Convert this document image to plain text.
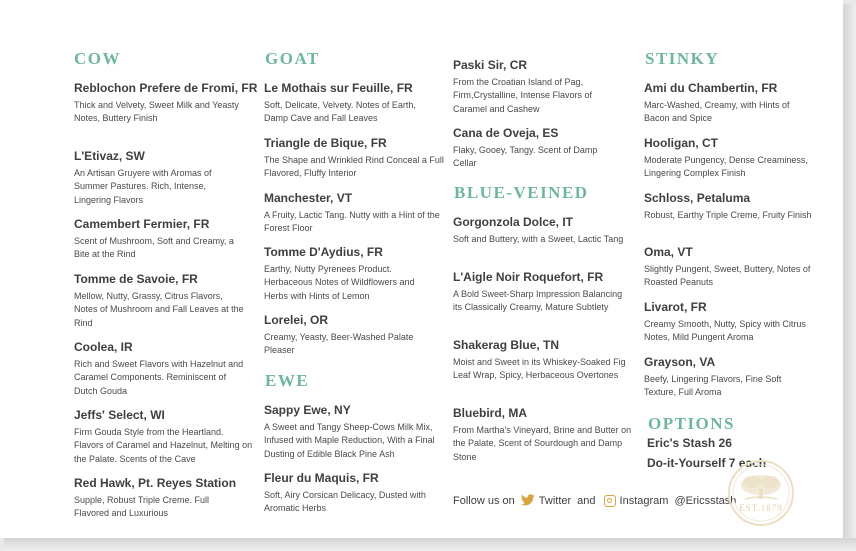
COW
Reblochon Prefere de Fromi, FR
Thick and Velvety, Sweet Milk and Yeasty Notes, Buttery Finish
L'Etivaz, SW
An Artisan Gruyere with Aromas of Summer Pastures. Rich, Intense, Lingering Flavors
Camembert Fermier, FR
Scent of Mushroom, Soft and Creamy, a Bite at the Rind
Tomme de Savoie, FR
Mellow, Nutty, Grassy, Citrus Flavors, Notes of Mushroom and Fall Leaves at the Rind
Coolea, IR
Rich and Sweet Flavors with Hazelnut and Caramel Components. Reminiscent of Dutch Gouda
Jeffs' Select, WI
Firm Gouda Style from the Heartland. Flavors of Caramel and Hazelnut, Melting on the Palate. Scents of the Cave
Red Hawk, Pt. Reyes Station
Supple, Robust Triple Creme. Full Flavored and Luxurious
GOAT
Le Mothais sur Feuille, FR
Soft, Delicate, Velvety. Notes of Earth, Damp Cave and Fall Leaves
Triangle de Bique, FR
The Shape and Wrinkled Rind Conceal a Full Flavored, Fluffy Interior
Manchester, VT
A Fruity, Lactic Tang. Nutty with a Hint of the Forest Floor
Tomme D'Aydius, FR
Earthy, Nutty Pyrenees Product. Herbaceous Notes of Wildflowers and Herbs with Hints of Lemon
Lorelei, OR
Creamy, Yeasty, Beer-Washed Palate Pleaser
EWE
Sappy Ewe, NY
A Sweet and Tangy Sheep-Cows Milk Mix, Infused with Maple Reduction, With a Final Dusting of Edible Black Pine Ash
Fleur du Maquis, FR
Soft, Airy Corsican Delicacy, Dusted with Aromatic Herbs
Paski Sir, CR
From the Croatian Island of Pag, Firm,Crystalline, Intense Flavors of Caramel and Cashew
Cana de Oveja, ES
Flaky, Gooey, Tangy. Scent of Damp Cellar
BLUE-VEINED
Gorgonzola Dolce, IT
Soft and Buttery, with a Sweet, Lactic Tang
L'Aigle Noir Roquefort, FR
A Bold Sweet-Sharp Impression Balancing its Classically Creamy, Mature Subtlety
Shakerag Blue, TN
Moist and Sweet in its Whiskey-Soaked Fig Leaf Wrap, Spicy, Herbaceous Overtones
Bluebird, MA
From Martha's Vineyard, Brine and Butter on the Palate, Scent of Sourdough and Damp Stone
STINKY
Ami du Chambertin, FR
Marc-Washed, Creamy, with Hints of Bacon and Spice
Hooligan, CT
Moderate Pungency, Dense Creaminess, Lingering Complex Finish
Schloss, Petaluma
Robust, Earthy Triple Creme, Fruity Finish
Oma, VT
Slightly Pungent, Sweet, Buttery, Notes of Roasted Peanuts
Livarot, FR
Creamy Smooth, Nutty, Spicy with Citrus Notes, Mild Pungent Aroma
Grayson, VA
Beefy, Lingering Flavors, Fine Soft Texture, Full Aroma
OPTIONS
Eric's Stash 26
Do-it-Yourself 7 each
Follow us on Twitter and Instagram @Ericsstash
EST.1879
